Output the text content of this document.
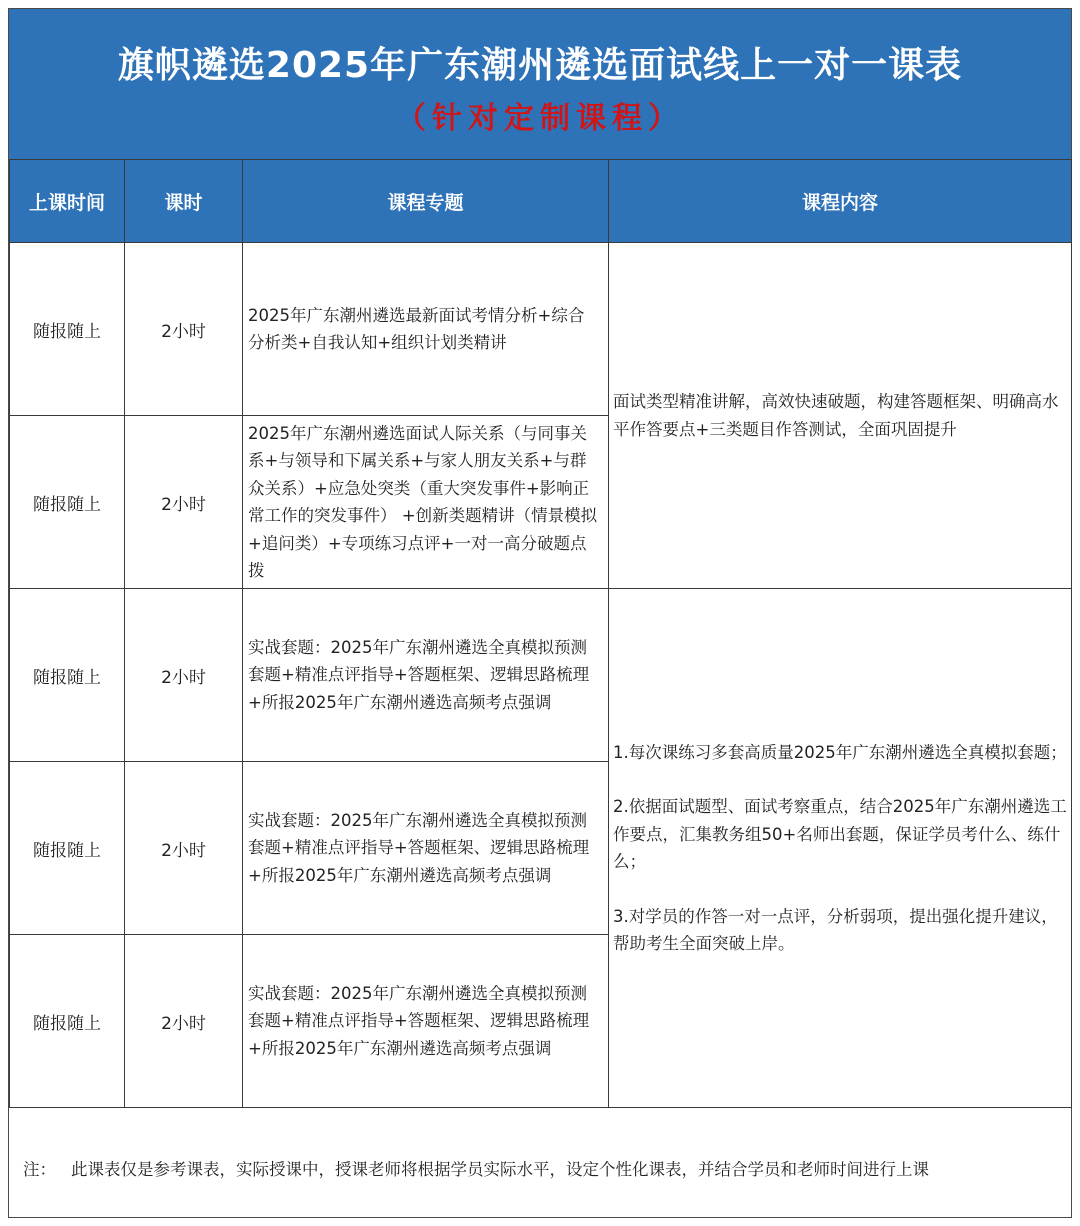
旗帜遴选2025年广东潮州遴选面试线上一对一课表
（针对定制课程）
上课时间	课时	课程专题	课程内容
随报随上	2小时	2025年广东潮州遴选最新面试考情分析+综合分析类+自我认知+组织计划类精讲	面试类型精准讲解，高效快速破题，构建答题框架、明确高水平作答要点+三类题目作答测试，全面巩固提升

随报随上	2小时	2025年广东潮州遴选面试人际关系（与同事关系+与领导和下属关系+与家人朋友关系+与群众关系）+应急处突类（重大突发事件+影响正常工作的突发事件） +创新类题精讲（情景模拟+追问类）+专项练习点评+一对一高分破题点拨	
随报随上	2小时	实战套题：2025年广东潮州遴选全真模拟预测套题+精准点评指导+答题框架、逻辑思路梳理+所报2025年广东潮州遴选高频考点强调	1.每次课练习多套高质量2025年广东潮州遴选全真模拟套题；

2.依据面试题型、面试考察重点，结合2025年广东潮州遴选工作要点，汇集教务组50+名师出套题，保证学员考什么、练什么；

3.对学员的作答一对一点评，分析弱项，提出强化提升建议，帮助考生全面突破上岸。

随报随上	2小时	实战套题：2025年广东潮州遴选全真模拟预测套题+精准点评指导+答题框架、逻辑思路梳理+所报2025年广东潮州遴选高频考点强调	
随报随上	2小时	实战套题：2025年广东潮州遴选全真模拟预测套题+精准点评指导+答题框架、逻辑思路梳理+所报2025年广东潮州遴选高频考点强调	
注： 此课表仅是参考课表，实际授课中，授课老师将根据学员实际水平，设定个性化课表，并结合学员和老师时间进行上课
